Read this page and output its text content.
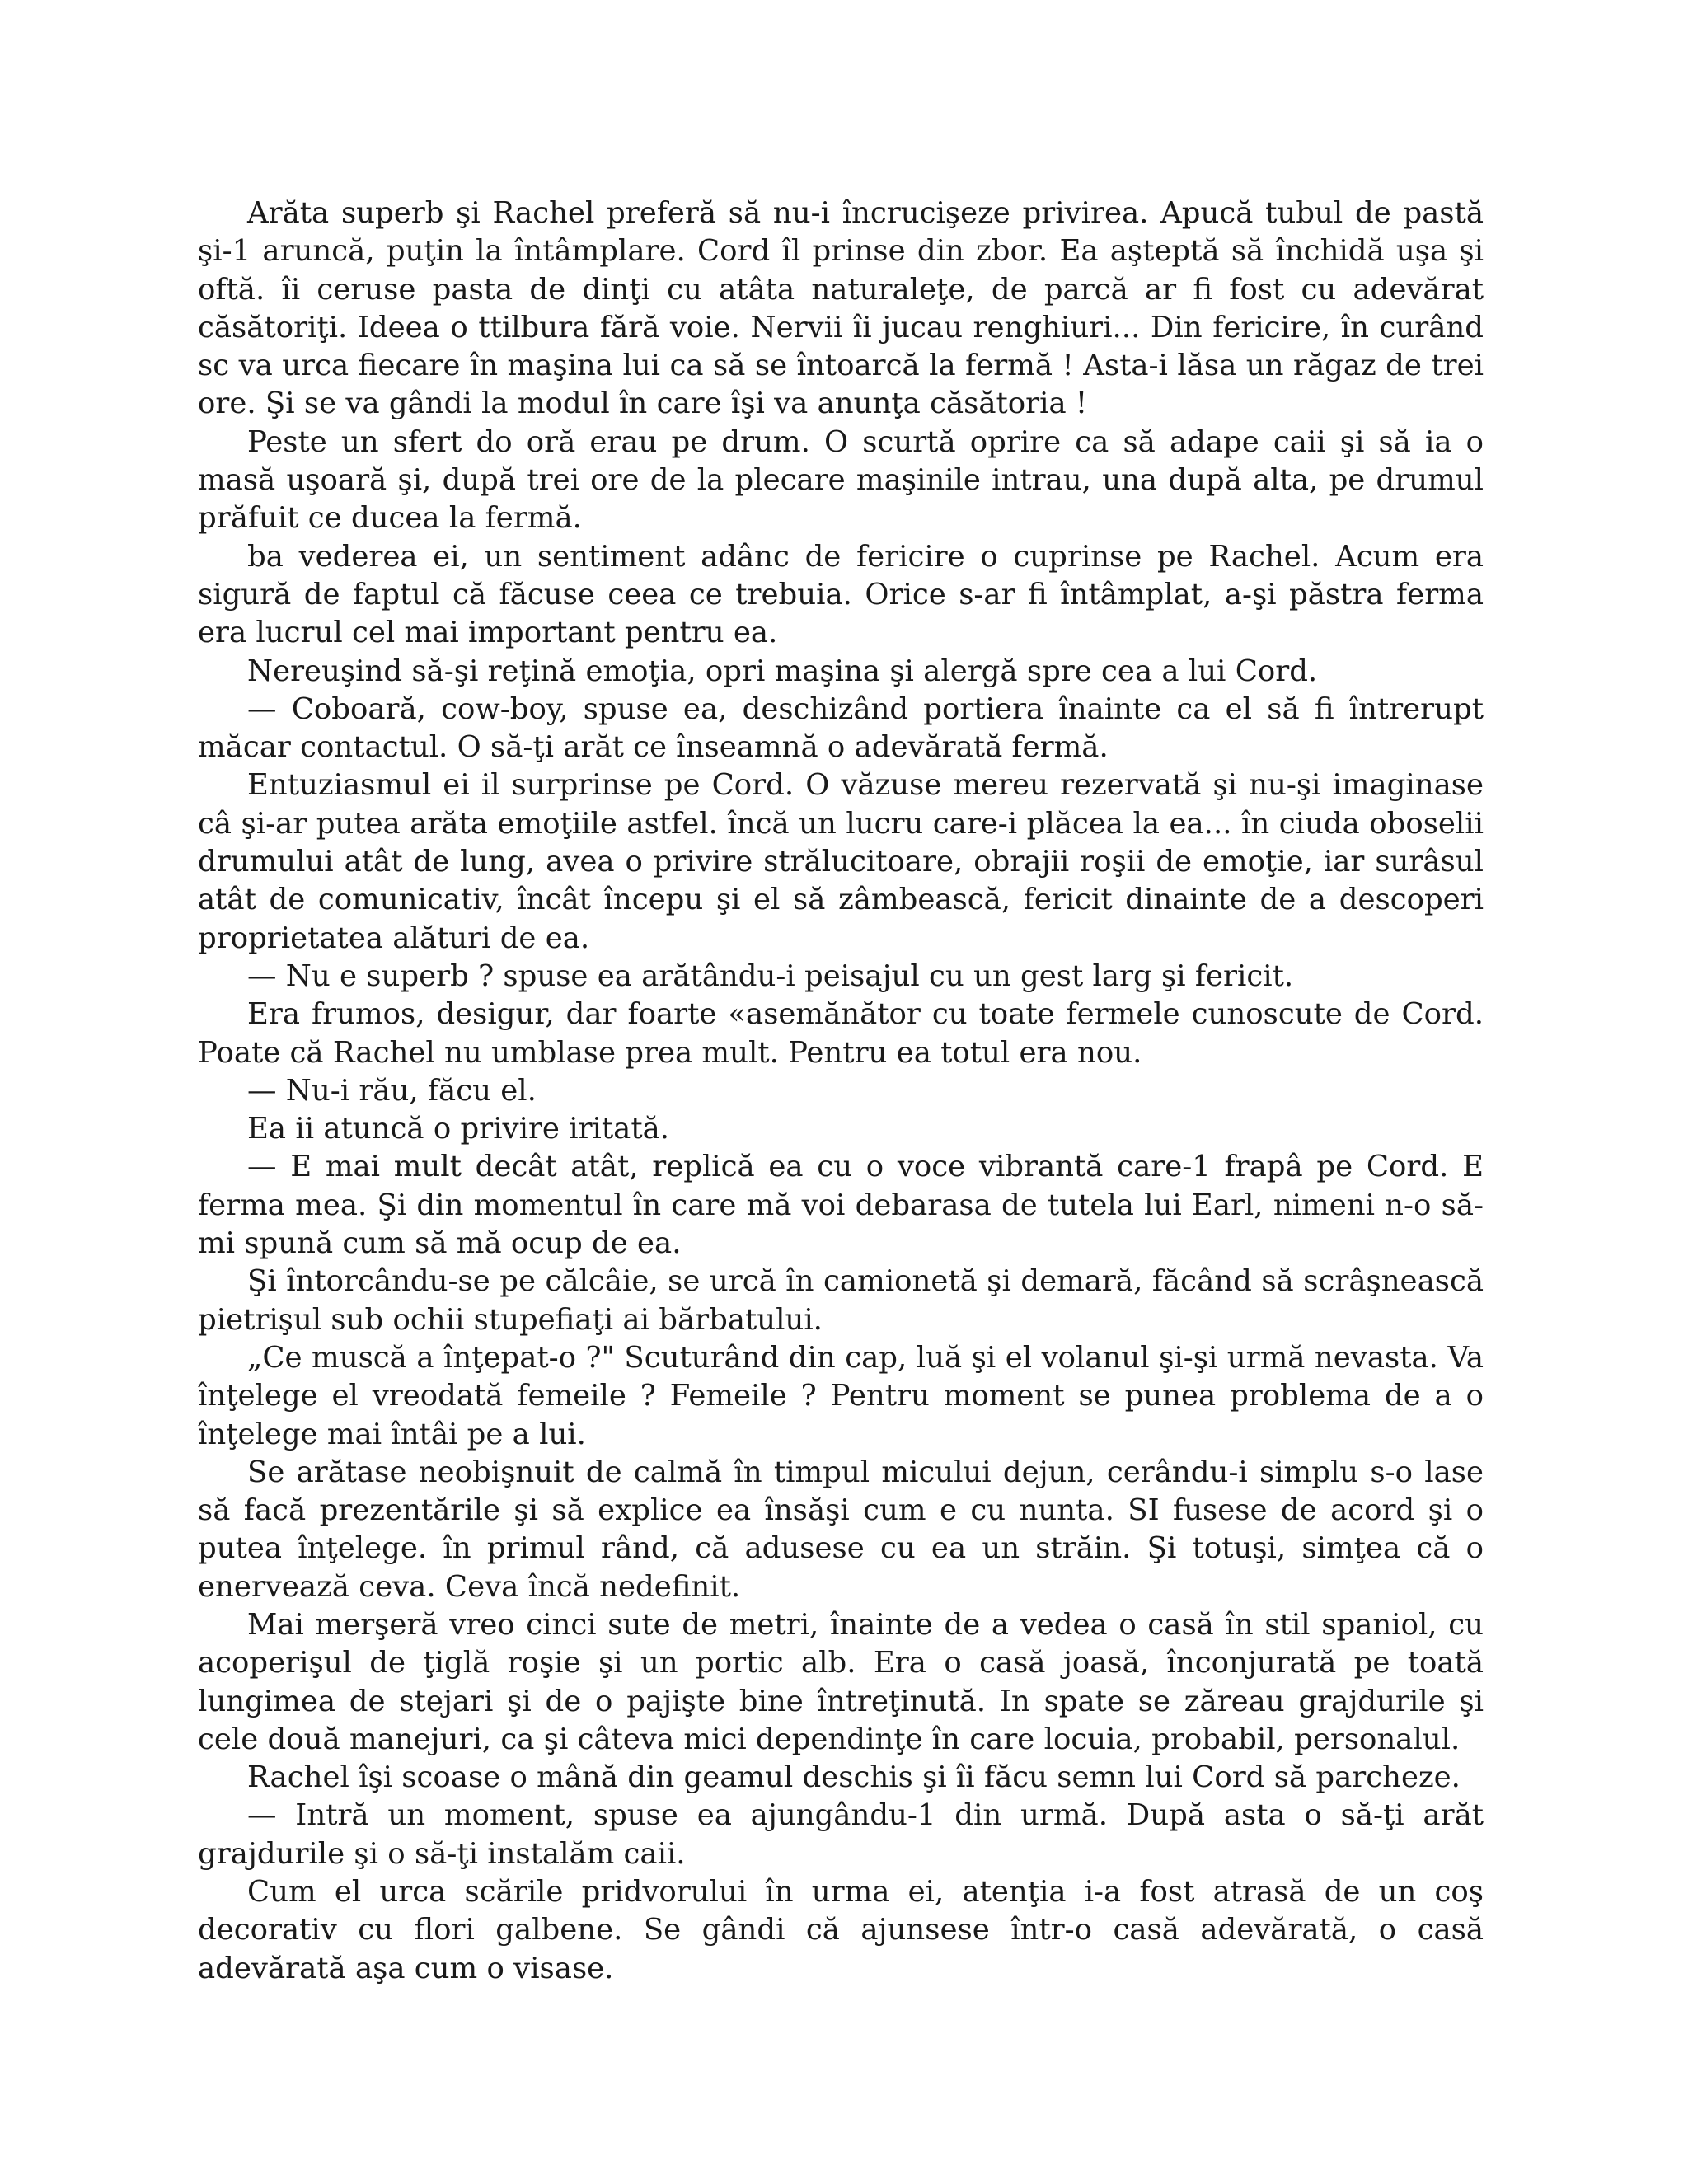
Arăta superb şi Rachel preferă să nu-i încrucişeze privirea. Apucă tubul de pastă şi-1 aruncă, puţin la întâmplare. Cord îl prinse din zbor. Ea aşteptă să închidă uşa şi oftă. îi ceruse pasta de dinţi cu atâta naturaleţe, de parcă ar fi fost cu adevărat căsătoriţi. Ideea o ttilbura fără voie. Nervii îi jucau renghiuri... Din fericire, în curând sc va urca fiecare în maşina lui ca să se întoarcă la fermă ! Asta-i lăsa un răgaz de trei ore. Şi se va gândi la modul în care îşi va anunţa căsătoria !

Peste un sfert do oră erau pe drum. O scurtă oprire ca să adape caii şi să ia o masă uşoară şi, după trei ore de la plecare maşinile intrau, una după alta, pe drumul prăfuit ce ducea la fermă.

ba vederea ei, un sentiment adânc de fericire o cuprinse pe Rachel. Acum era sigură de faptul că făcuse ceea ce trebuia. Orice s-ar fi întâmplat, a-şi păstra ferma era lucrul cel mai important pentru ea.

Nereuşind să-şi reţină emoţia, opri maşina şi alergă spre cea a lui Cord.

— Coboară, cow-boy, spuse ea, deschizând portiera înainte ca el să fi întrerupt măcar contactul. O să-ţi arăt ce înseamnă o adevărată fermă.

Entuziasmul ei il surprinse pe Cord. O văzuse mereu rezervată şi nu-şi imaginase câ şi-ar putea arăta emoţiile astfel. încă un lucru care-i plăcea la ea... în ciuda oboselii drumului atât de lung, avea o privire strălucitoare, obrajii roşii de emoţie, iar surâsul atât de comunicativ, încât începu şi el să zâmbească, fericit dinainte de a descoperi proprietatea alături de ea.

— Nu e superb ? spuse ea arătându-i peisajul cu un gest larg şi fericit.

Era frumos, desigur, dar foarte «asemănător cu toate fermele cunoscute de Cord. Poate că Rachel nu umblase prea mult. Pentru ea totul era nou.

— Nu-i rău, făcu el.

Ea ii atuncă o privire iritată.

— E mai mult decât atât, replică ea cu o voce vibrantă care-1 frapâ pe Cord. E ferma mea. Şi din momentul în care mă voi debarasa de tutela lui Earl, nimeni n-o să-mi spună cum să mă ocup de ea.

Şi întorcându-se pe călcâie, se urcă în camionetă şi demară, făcând să scrâşnească pietrişul sub ochii stupefiaţi ai bărbatului.

„Ce muscă a înţepat-o ?" Scuturând din cap, luă şi el volanul şi-şi urmă nevasta. Va înţelege el vreodată femeile ? Femeile ? Pentru moment se punea problema de a o înţelege mai întâi pe a lui.

Se arătase neobişnuit de calmă în timpul micului dejun, cerându-i simplu s-o lase să facă prezentările şi să explice ea însăşi cum e cu nunta. SI fusese de acord şi o putea înţelege. în primul rând, că adusese cu ea un străin. Şi totuşi, simţea că o enervează ceva. Ceva încă nedefinit.

Mai merşeră vreo cinci sute de metri, înainte de a vedea o casă în stil spaniol, cu acoperişul de ţiglă roşie şi un portic alb. Era o casă joasă, înconjurată pe toată lungimea de stejari şi de o pajişte bine întreţinută. In spate se zăreau grajdurile şi cele două manejuri, ca şi câteva mici dependinţe în care locuia, probabil, personalul.

Rachel îşi scoase o mână din geamul deschis şi îi făcu semn lui Cord să parcheze.

— Intră un moment, spuse ea ajungându-1 din urmă. După asta o să-ţi arăt grajdurile şi o să-ţi instalăm caii.

Cum el urca scările pridvorului în urma ei, atenţia i-a fost atrasă de un coş decorativ cu flori galbene. Se gândi că ajunsese într-o casă adevărată, o casă adevărată aşa cum o visase.
